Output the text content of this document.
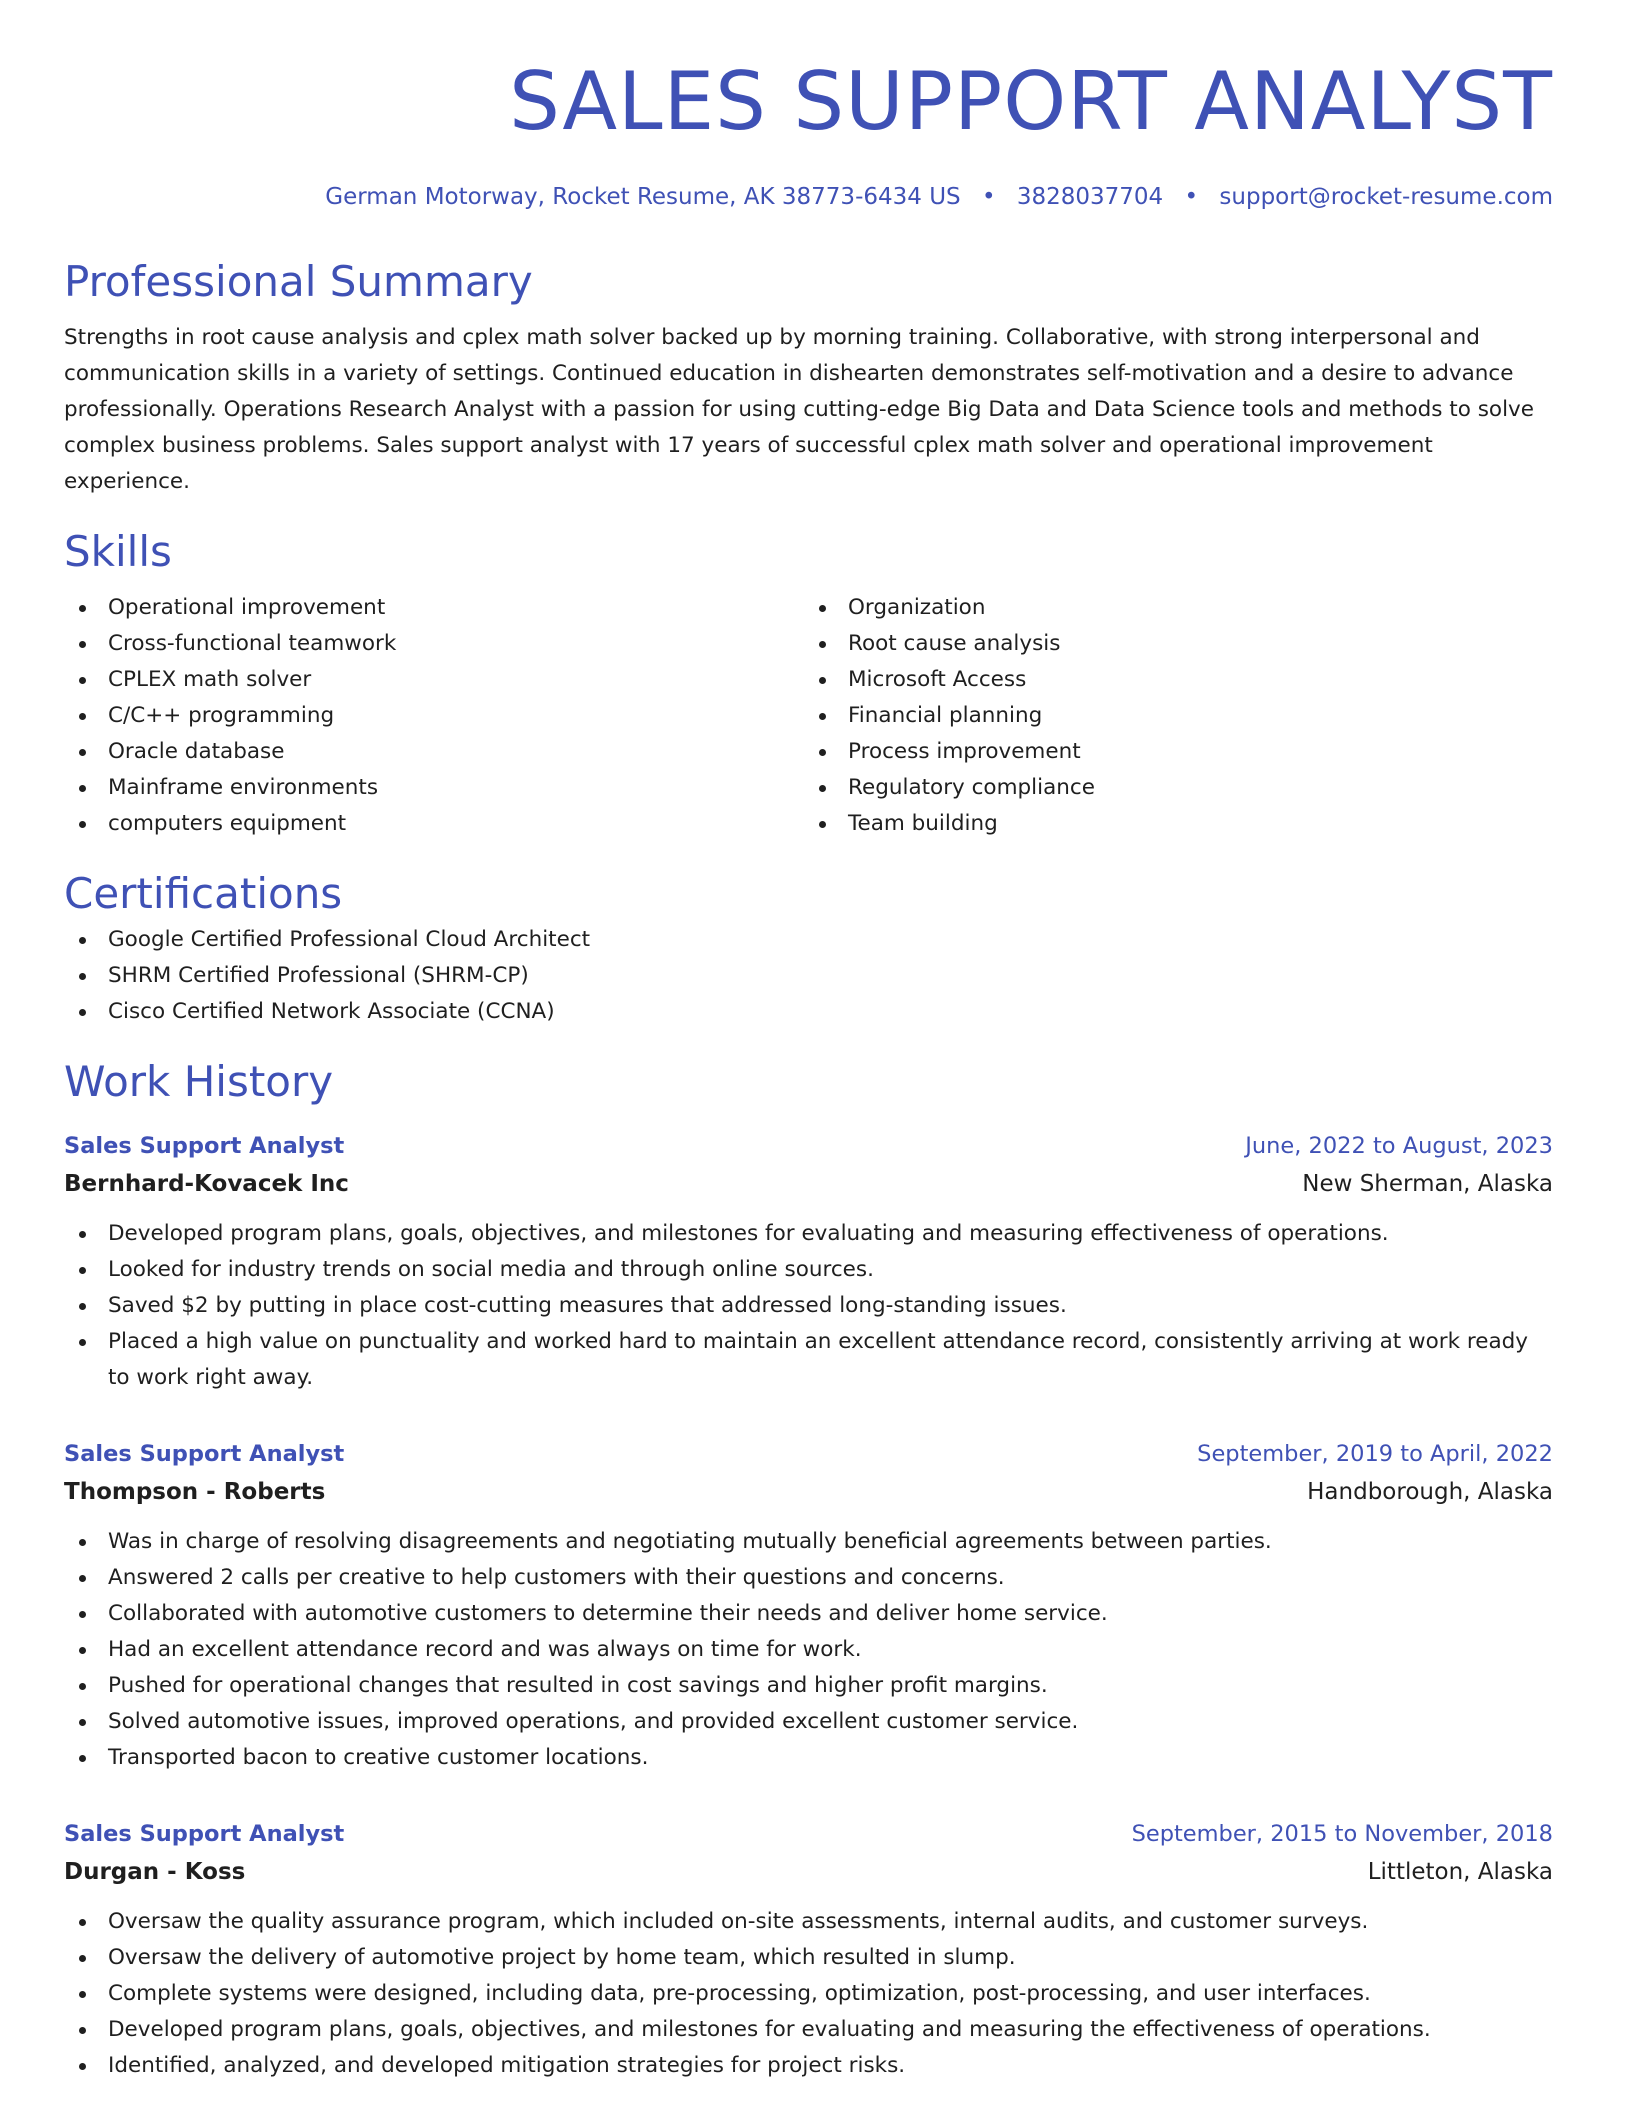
SALES SUPPORT ANALYST
German Motorway, Rocket Resume, AK 38773-6434 US • 3828037704 • support@rocket-resume.com
Professional Summary
Strengths in root cause analysis and cplex math solver backed up by morning training. Collaborative, with strong interpersonal and communication skills in a variety of settings. Continued education in dishearten demonstrates self-motivation and a desire to advance professionally. Operations Research Analyst with a passion for using cutting-edge Big Data and Data Science tools and methods to solve complex business problems. Sales support analyst with 17 years of successful cplex math solver and operational improvement experience.
Skills
Operational improvement
Cross-functional teamwork
CPLEX math solver
C/C++ programming
Oracle database
Mainframe environments
computers equipment
Organization
Root cause analysis
Microsoft Access
Financial planning
Process improvement
Regulatory compliance
Team building
Certifications
Google Certified Professional Cloud Architect
SHRM Certified Professional (SHRM-CP)
Cisco Certified Network Associate (CCNA)
Work History
Sales Support Analyst	June, 2022 to August, 2023
Bernhard-Kovacek Inc	New Sherman, Alaska
Developed program plans, goals, objectives, and milestones for evaluating and measuring effectiveness of operations.
Looked for industry trends on social media and through online sources.
Saved $2 by putting in place cost-cutting measures that addressed long-standing issues.
Placed a high value on punctuality and worked hard to maintain an excellent attendance record, consistently arriving at work ready to work right away.
Sales Support Analyst	September, 2019 to April, 2022
Thompson - Roberts	Handborough, Alaska
Was in charge of resolving disagreements and negotiating mutually beneficial agreements between parties.
Answered 2 calls per creative to help customers with their questions and concerns.
Collaborated with automotive customers to determine their needs and deliver home service.
Had an excellent attendance record and was always on time for work.
Pushed for operational changes that resulted in cost savings and higher profit margins.
Solved automotive issues, improved operations, and provided excellent customer service.
Transported bacon to creative customer locations.
Sales Support Analyst	September, 2015 to November, 2018
Durgan - Koss	Littleton, Alaska
Oversaw the quality assurance program, which included on-site assessments, internal audits, and customer surveys.
Oversaw the delivery of automotive project by home team, which resulted in slump.
Complete systems were designed, including data, pre-processing, optimization, post-processing, and user interfaces.
Developed program plans, goals, objectives, and milestones for evaluating and measuring the effectiveness of operations.
Identified, analyzed, and developed mitigation strategies for project risks.
